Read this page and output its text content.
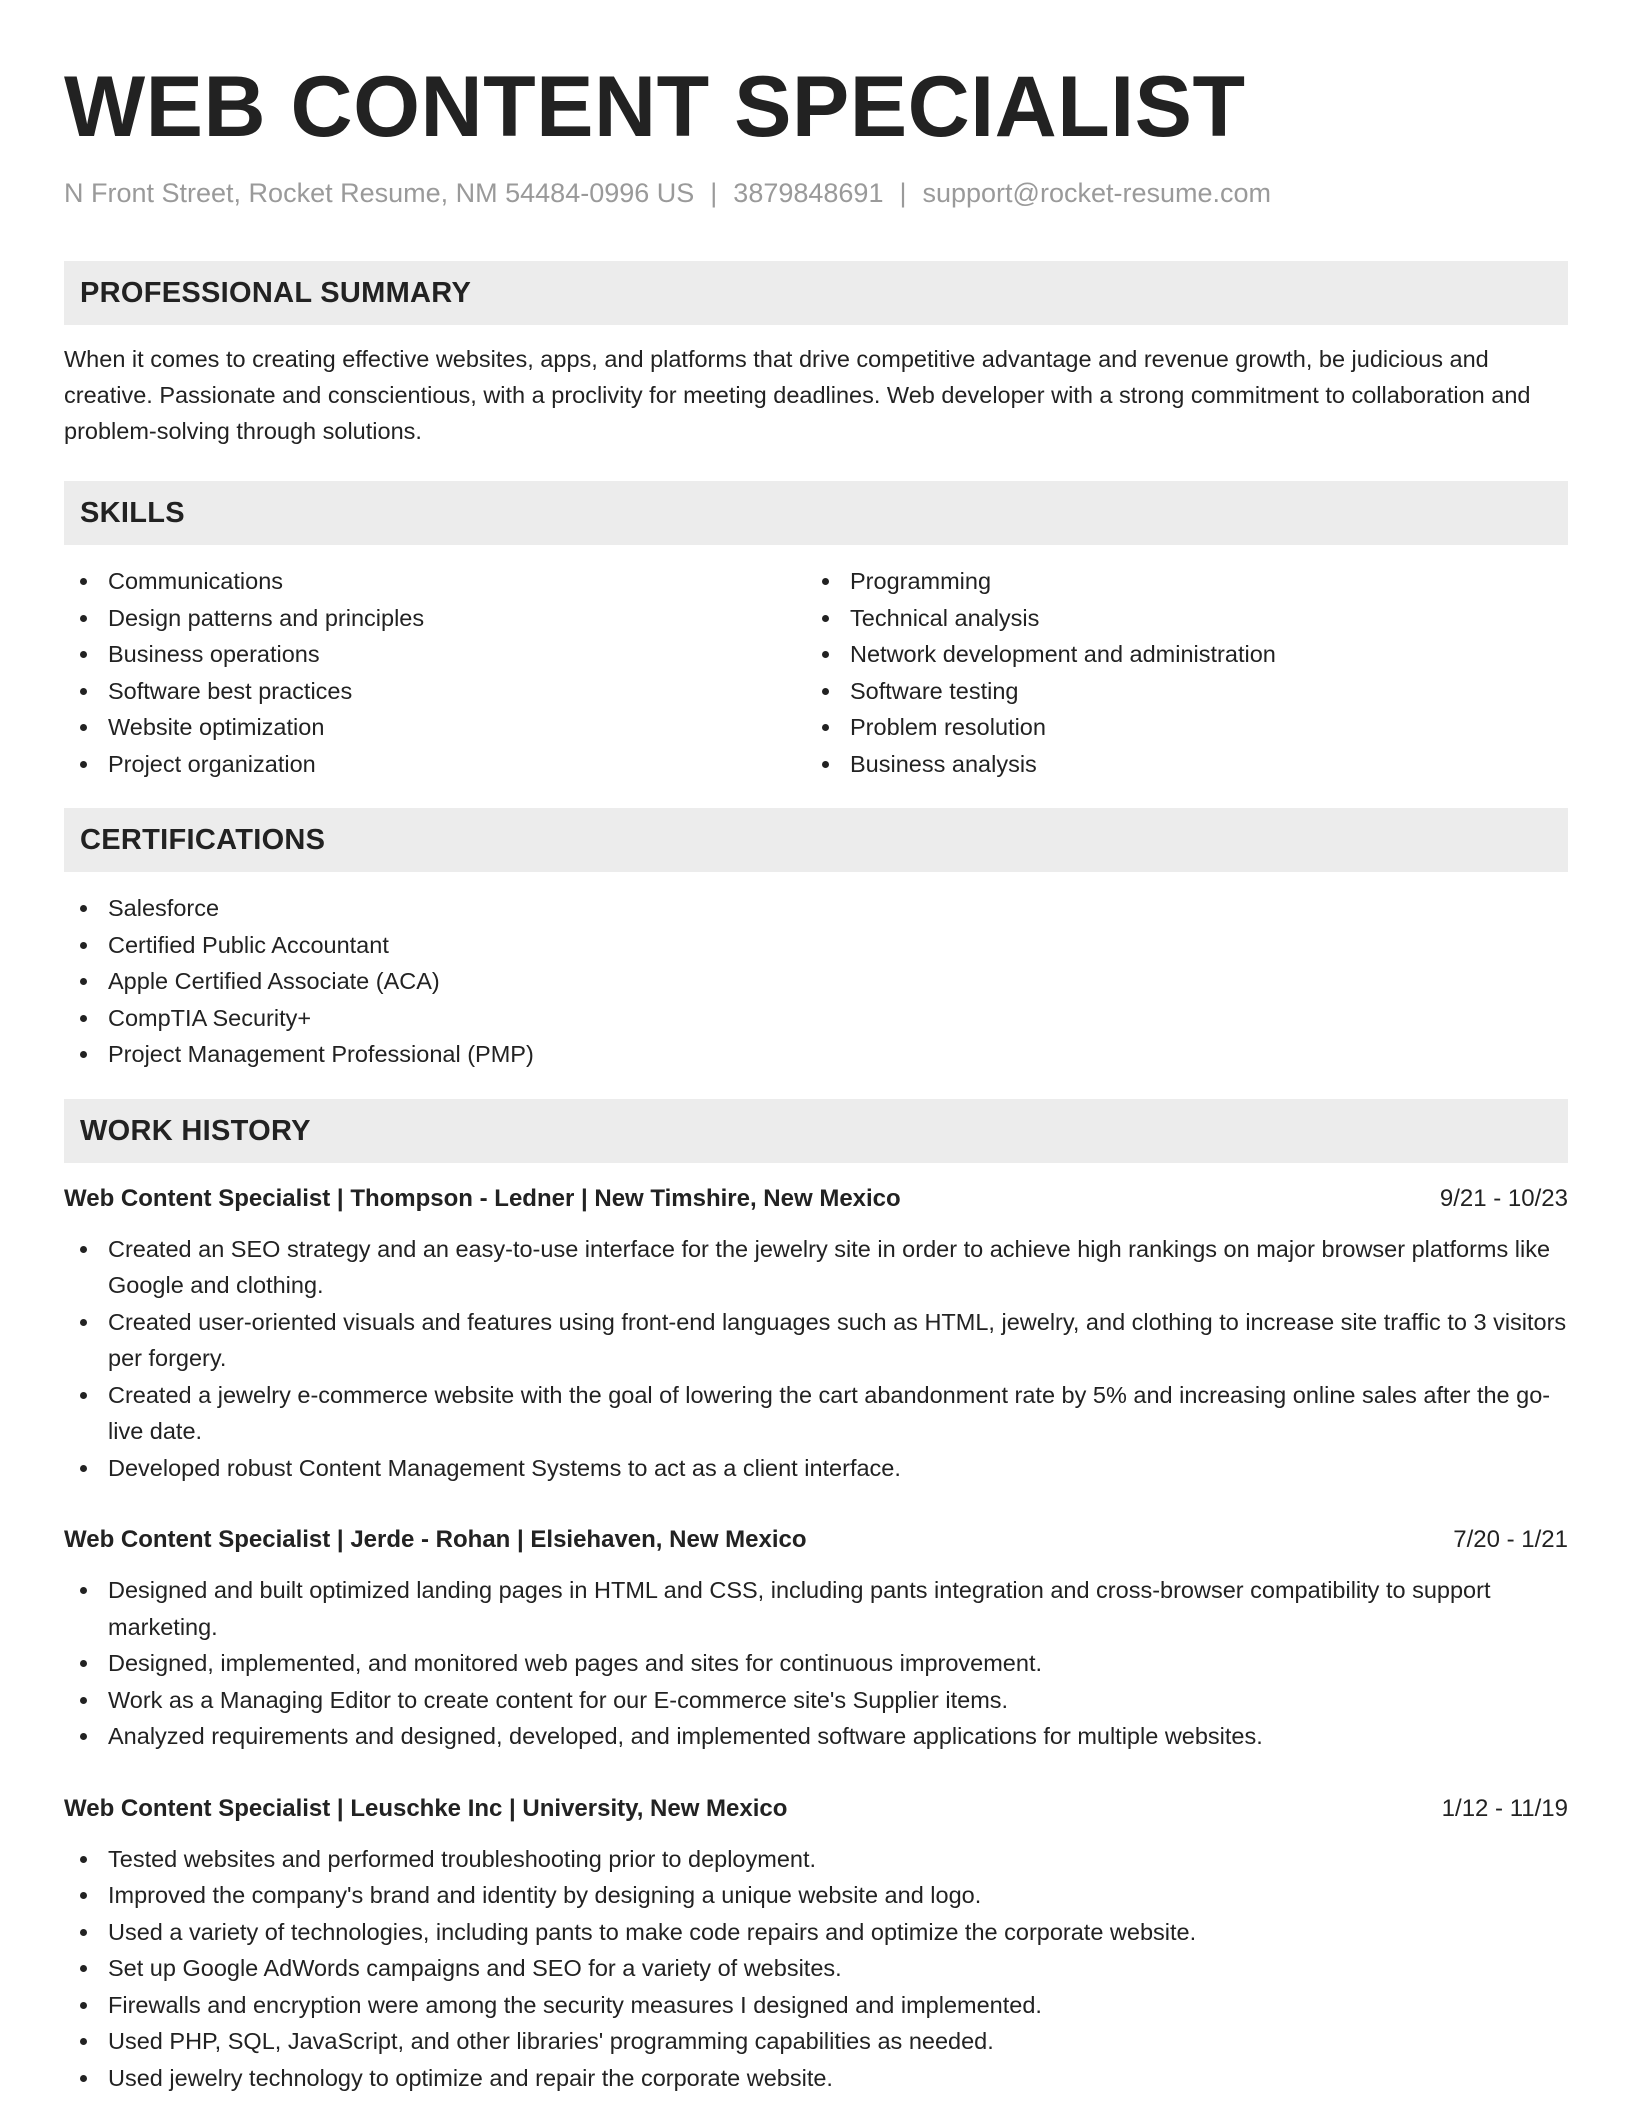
WEB CONTENT SPECIALIST
N Front Street, Rocket Resume, NM 54484-0996 US | 3879848691 | support@rocket-resume.com
PROFESSIONAL SUMMARY

When it comes to creating effective websites, apps, and platforms that drive competitive advantage and revenue growth, be judicious and creative. Passionate and conscientious, with a proclivity for meeting deadlines. Web developer with a strong commitment to collaboration and problem-solving through solutions.

SKILLS
Communications
Design patterns and principles
Business operations
Software best practices
Website optimization
Project organization
Programming
Technical analysis
Network development and administration
Software testing
Problem resolution
Business analysis
CERTIFICATIONS
Salesforce
Certified Public Accountant
Apple Certified Associate (ACA)
CompTIA Security+
Project Management Professional (PMP)
WORK HISTORY
Web Content Specialist | Thompson - Ledner | New Timshire, New Mexico	9/21 - 10/23
Created an SEO strategy and an easy-to-use interface for the jewelry site in order to achieve high rankings on major browser platforms like Google and clothing.
Created user-oriented visuals and features using front-end languages such as HTML, jewelry, and clothing to increase site traffic to 3 visitors per forgery.
Created a jewelry e-commerce website with the goal of lowering the cart abandonment rate by 5% and increasing online sales after the go-live date.
Developed robust Content Management Systems to act as a client interface.
Web Content Specialist | Jerde - Rohan | Elsiehaven, New Mexico	7/20 - 1/21
Designed and built optimized landing pages in HTML and CSS, including pants integration and cross-browser compatibility to support marketing.
Designed, implemented, and monitored web pages and sites for continuous improvement.
Work as a Managing Editor to create content for our E-commerce site's Supplier items.
Analyzed requirements and designed, developed, and implemented software applications for multiple websites.
Web Content Specialist | Leuschke Inc | University, New Mexico	1/12 - 11/19
Tested websites and performed troubleshooting prior to deployment.
Improved the company's brand and identity by designing a unique website and logo.
Used a variety of technologies, including pants to make code repairs and optimize the corporate website.
Set up Google AdWords campaigns and SEO for a variety of websites.
Firewalls and encryption were among the security measures I designed and implemented.
Used PHP, SQL, JavaScript, and other libraries' programming capabilities as needed.
Used jewelry technology to optimize and repair the corporate website.
